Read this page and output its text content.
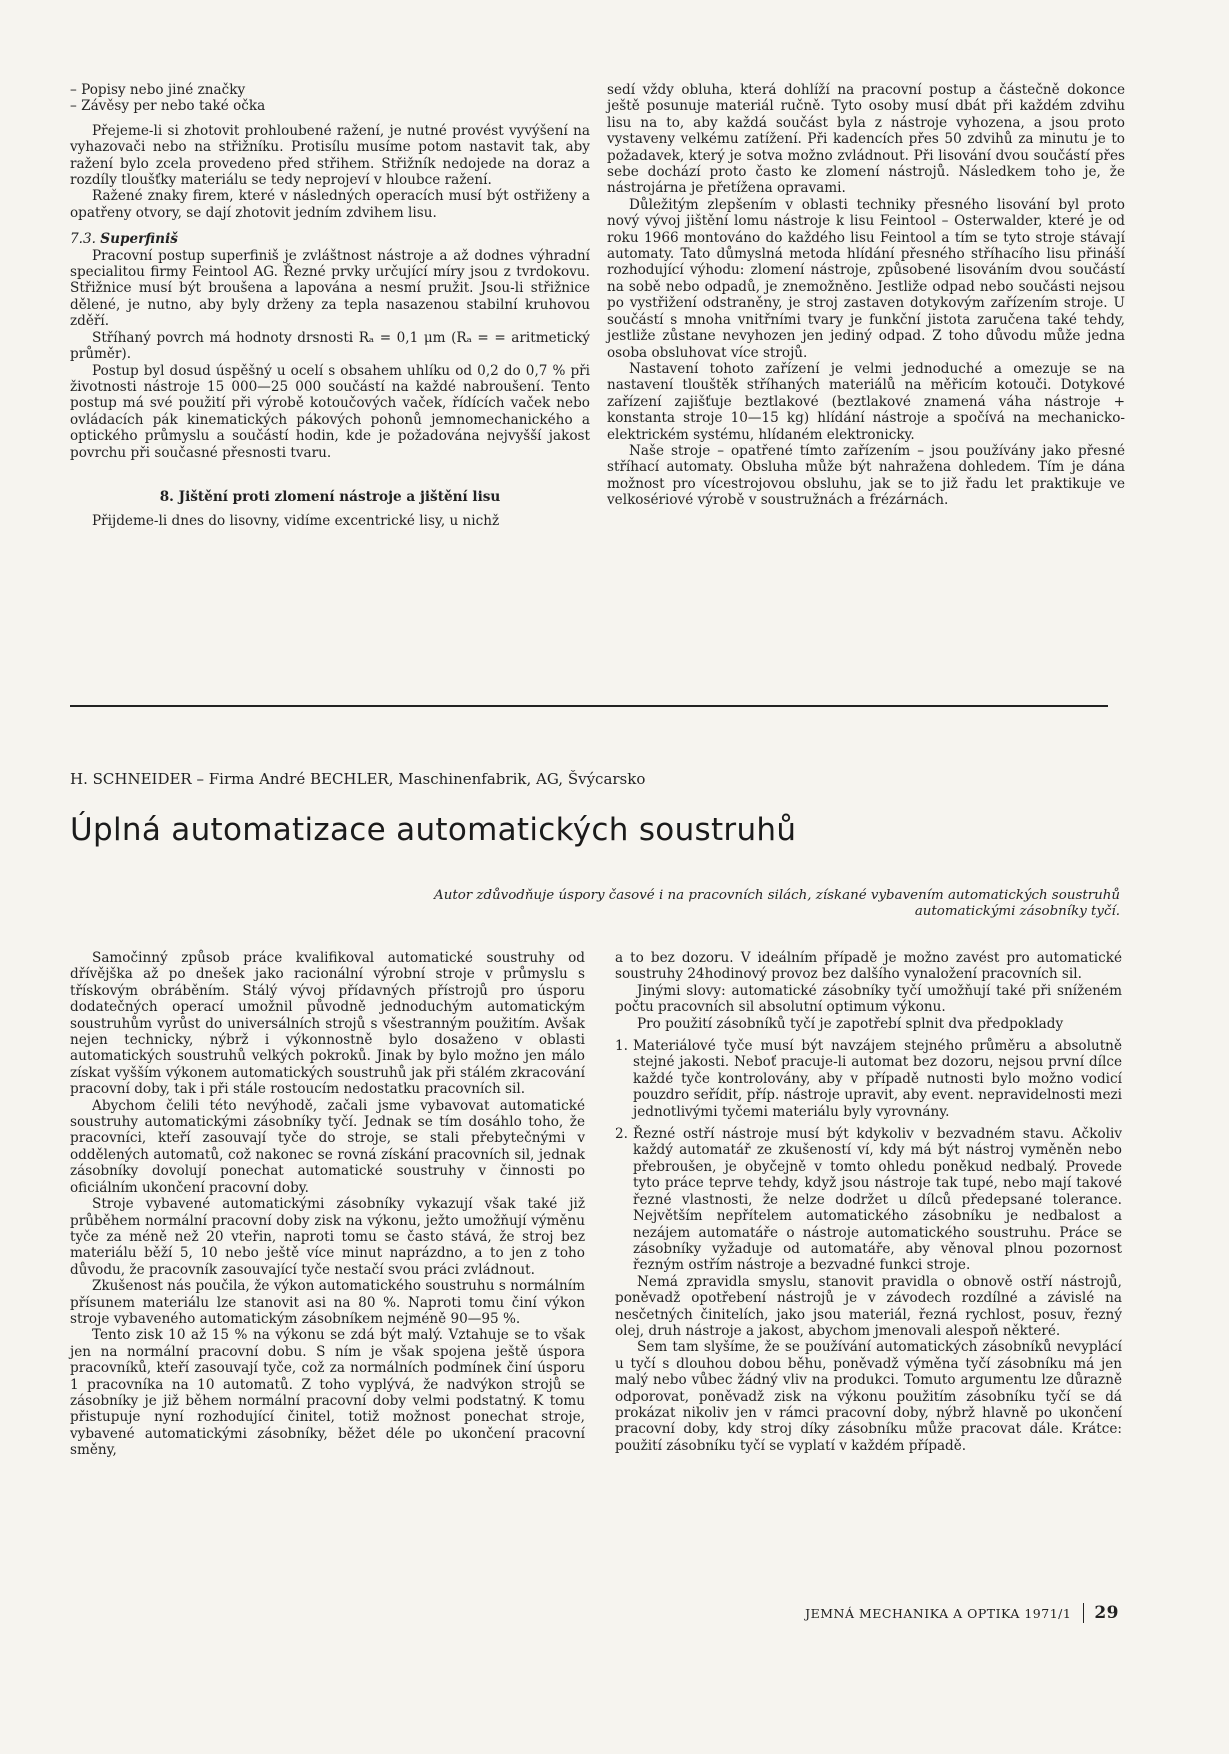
– Popisy nebo jiné značky

– Závěsy per nebo také očka

Přejeme-li si zhotovit prohloubené ražení, je nutné provést vyvýšení na vyhazovači nebo na střižníku. Protisílu musíme potom nastavit tak, aby ražení bylo zcela provedeno před střihem. Střižník nedojede na doraz a rozdíly tloušťky materiálu se tedy neprojeví v hloubce ražení.

Ražené znaky firem, které v následných operacích musí být ostřiženy a opatřeny otvory, se dají zhotovit jedním zdvihem lisu.

7.3. Superfiniš

Pracovní postup superfiniš je zvláštnost nástroje a až dodnes výhradní specialitou firmy Feintool AG. Řezné prvky určující míry jsou z tvrdokovu. Střižnice musí být broušena a lapována a nesmí pružit. Jsou-li střižnice dělené, je nutno, aby byly drženy za tepla nasazenou stabilní kruhovou zděří.

Stříhaný povrch má hodnoty drsnosti Rₐ = 0,1 μm (Rₐ = = aritmetický průměr).

Postup byl dosud úspěšný u ocelí s obsahem uhlíku od 0,2 do 0,7 % při životnosti nástroje 15 000—25 000 součástí na každé nabroušení. Tento postup má své použití při výrobě kotoučových vaček, řídících vaček nebo ovládacích pák kinematických pákových pohonů jemnomechanického a optického průmyslu a součástí hodin, kde je požadována nejvyšší jakost povrchu při současné přesnosti tvaru.

8. Jištění proti zlomení nástroje a jištění lisu

Přijdeme-li dnes do lisovny, vidíme excentrické lisy, u nichž

sedí vždy obluha, která dohlíží na pracovní postup a částečně dokonce ještě posunuje materiál ručně. Tyto osoby musí dbát při každém zdvihu lisu na to, aby každá součást byla z nástroje vyhozena, a jsou proto vystaveny velkému zatížení. Při kadencích přes 50 zdvihů za minutu je to požadavek, který je sotva možno zvládnout. Při lisování dvou součástí přes sebe dochází proto často ke zlomení nástrojů. Následkem toho je, že nástrojárna je přetížena opravami.

Důležitým zlepšením v oblasti techniky přesného lisování byl proto nový vývoj jištění lomu nástroje k lisu Feintool – Osterwalder, které je od roku 1966 montováno do každého lisu Feintool a tím se tyto stroje stávají automaty. Tato důmyslná metoda hlídání přesného stříhacího lisu přináší rozhodující výhodu: zlomení nástroje, způsobené lisováním dvou součástí na sobě nebo odpadů, je znemožněno. Jestliže odpad nebo součásti nejsou po vystřižení odstraněny, je stroj zastaven dotykovým zařízením stroje. U součástí s mnoha vnitřními tvary je funkční jistota zaručena také tehdy, jestliže zůstane nevyhozen jen jediný odpad. Z toho důvodu může jedna osoba obsluhovat více strojů.

Nastavení tohoto zařízení je velmi jednoduché a omezuje se na nastavení tlouštěk stříhaných materiálů na měřicím kotouči. Dotykové zařízení zajišťuje beztlakové (beztlakové znamená váha nástroje + konstanta stroje 10—15 kg) hlídání nástroje a spočívá na mechanicko-elektrickém systému, hlídaném elektronicky.

Naše stroje – opatřené tímto zařízením – jsou používány jako přesné stříhací automaty. Obsluha může být nahražena dohledem. Tím je dána možnost pro vícestrojovou obsluhu, jak se to již řadu let praktikuje ve velkosériové výrobě v soustružnách a frézárnách.

H. SCHNEIDER – Firma André BECHLER, Maschinenfabrik, AG, Švýcarsko
Úplná automatizace automatických soustruhů
Autor zdůvodňuje úspory časové i na pracovních silách, získané vybavením automatických soustruhů automatickými zásobníky tyčí.

Samočinný způsob práce kvalifikoval automatické soustruhy od dřívějška až po dnešek jako racionální výrobní stroje v průmyslu s třískovým obráběním. Stálý vývoj přídavných přístrojů pro úsporu dodatečných operací umožnil původně jednoduchým automatickým soustruhům vyrůst do universálních strojů s všestranným použitím. Avšak nejen technicky, nýbrž i výkonnostně bylo dosaženo v oblasti automatických soustruhů velkých pokroků. Jinak by bylo možno jen málo získat vyšším výkonem automatických soustruhů jak při stálém zkracování pracovní doby, tak i při stále rostoucím nedostatku pracovních sil.

Abychom čelili této nevýhodě, začali jsme vybavovat automatické soustruhy automatickými zásobníky tyčí. Jednak se tím dosáhlo toho, že pracovníci, kteří zasouvají tyče do stroje, se stali přebytečnými v oddělených automatů, což nakonec se rovná získání pracovních sil, jednak zásobníky dovolují ponechat automatické soustruhy v činnosti po oficiálním ukončení pracovní doby.

Stroje vybavené automatickými zásobníky vykazují však také již průběhem normální pracovní doby zisk na výkonu, ježto umožňují výměnu tyče za méně než 20 vteřin, naproti tomu se často stává, že stroj bez materiálu běží 5, 10 nebo ještě více minut naprázdno, a to jen z toho důvodu, že pracovník zasouvající tyče nestačí svou práci zvládnout.

Zkušenost nás poučila, že výkon automatického soustruhu s normálním přísunem materiálu lze stanovit asi na 80 %. Naproti tomu činí výkon stroje vybaveného automatickým zásobníkem nejméně 90—95 %.

Tento zisk 10 až 15 % na výkonu se zdá být malý. Vztahuje se to však jen na normální pracovní dobu. S ním je však spojena ještě úspora pracovníků, kteří zasouvají tyče, což za normálních podmínek činí úsporu 1 pracovníka na 10 automatů. Z toho vyplývá, že nadvýkon strojů se zásobníky je již během normální pracovní doby velmi podstatný. K tomu přistupuje nyní rozhodující činitel, totiž možnost ponechat stroje, vybavené automatickými zásobníky, běžet déle po ukončení pracovní směny,

a to bez dozoru. V ideálním případě je možno zavést pro automatické soustruhy 24hodinový provoz bez dalšího vynaložení pracovních sil.

Jinými slovy: automatické zásobníky tyčí umožňují také při sníženém počtu pracovních sil absolutní optimum výkonu.

Pro použití zásobníků tyčí je zapotřebí splnit dva předpoklady

1. Materiálové tyče musí být navzájem stejného průměru a absolutně stejné jakosti. Neboť pracuje-li automat bez dozoru, nejsou první dílce každé tyče kontrolovány, aby v případě nutnosti bylo možno vodicí pouzdro seřídit, příp. nástroje upravit, aby event. nepravidelnosti mezi jednotlivými tyčemi materiálu byly vyrovnány.

2. Řezné ostří nástroje musí být kdykoliv v bezvadném stavu. Ačkoliv každý automatář ze zkušeností ví, kdy má být nástroj vyměněn nebo přebroušen, je obyčejně v tomto ohledu poněkud nedbalý. Provede tyto práce teprve tehdy, když jsou nástroje tak tupé, nebo mají takové řezné vlastnosti, že nelze dodržet u dílců předepsané tolerance. Největším nepřítelem automatického zásobníku je nedbalost a nezájem automatáře o nástroje automatického soustruhu. Práce se zásobníky vyžaduje od automatáře, aby věnoval plnou pozornost řezným ostřím nástroje a bezvadné funkci stroje.

Nemá zpravidla smyslu, stanovit pravidla o obnově ostří nástrojů, poněvadž opotřebení nástrojů je v závodech rozdílné a závislé na nesčetných činitelích, jako jsou materiál, řezná rychlost, posuv, řezný olej, druh nástroje a jakost, abychom jmenovali alespoň některé.

Sem tam slyšíme, že se používání automatických zásobníků nevyplácí u tyčí s dlouhou dobou běhu, poněvadž výměna tyčí zásobníku má jen malý nebo vůbec žádný vliv na produkci. Tomuto argumentu lze důrazně odporovat, poněvadž zisk na výkonu použitím zásobníku tyčí se dá prokázat nikoliv jen v rámci pracovní doby, nýbrž hlavně po ukončení pracovní doby, kdy stroj díky zásobníku může pracovat dále. Krátce: použití zásobníku tyčí se vyplatí v každém případě.

JEMNÁ MECHANIKA A OPTIKA 1971/1 29
